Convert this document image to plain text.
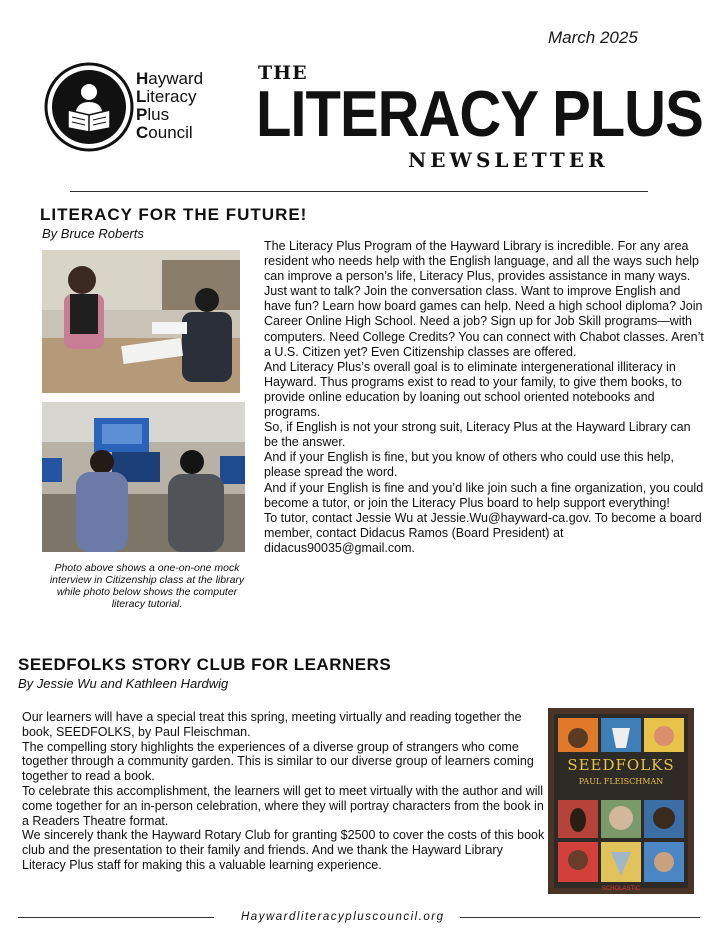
March 2025
Hayward
Literacy
Plus
Council
THE
LITERACY PLUS
NEWSLETTER
LITERACY FOR THE FUTURE!
By Bruce Roberts
Photo above shows a one-on-one mock interview in Citizenship class at the library while photo below shows the computer literacy tutorial.

The Literacy Plus Program of the Hayward Library is incredible. For any area resident who needs help with the English language, and all the ways such help can improve a person’s life, Literacy Plus, provides assistance in many ways.

Just want to talk? Join the conversation class. Want to improve English and have fun? Learn how board games can help. Need a high school diploma? Join Career Online High School. Need a job? Sign up for Job Skill programs—with computers. Need College Credits? You can connect with Chabot classes. Aren’t a U.S. Citizen yet? Even Citizenship classes are offered.

And Literacy Plus’s overall goal is to eliminate intergenerational illiteracy in Hayward. Thus programs exist to read to your family, to give them books, to provide online education by loaning out school oriented notebooks and programs.

So, if English is not your strong suit, Literacy Plus at the Hayward Library can be the answer.

And if your English is fine, but you know of others who could use this help, please spread the word.

And if your English is fine and you’d like join such a fine organization, you could become a tutor, or join the Literacy Plus board to help support everything!

To tutor, contact Jessie Wu at Jessie.Wu@hayward-ca.gov. To become a board member, contact Didacus Ramos (Board President) at didacus90035@gmail.com.

SEEDFOLKS STORY CLUB FOR LEARNERS
By Jessie Wu and Kathleen Hardwig

Our learners will have a special treat this spring, meeting virtually and reading together the book, SEEDFOLKS, by Paul Fleischman.

The compelling story highlights the experiences of a diverse group of strangers who come together through a community garden. This is similar to our diverse group of learners coming together to read a book.

To celebrate this accomplishment, the learners will get to meet virtually with the author and will come together for an in-person celebration, where they will portray characters from the book in a Readers Theatre format.

We sincerely thank the Hayward Rotary Club for granting $2500 to cover the costs of this book club and the presentation to their family and friends. And we thank the Hayward Library Literacy Plus staff for making this a valuable learning experience.

SEEDFOLKS
PAUL FLEISCHMAN
SCHOLASTIC
Haywardliteracypluscouncil.org
